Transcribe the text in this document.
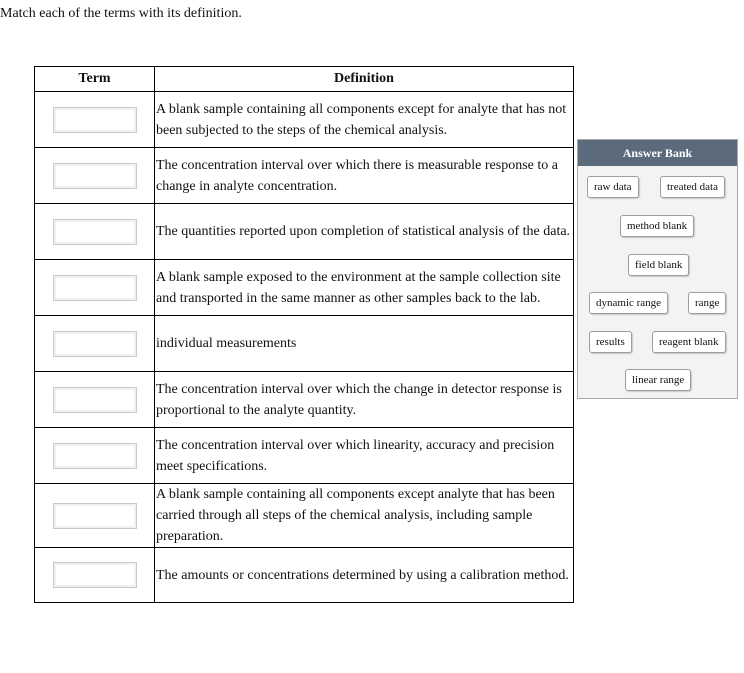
Match each of the terms with its definition.
Term	Definition

	A blank sample containing all components except for analyte that has not been subjected to the steps of the chemical analysis.

	The concentration interval over which there is measurable response to a change in analyte concentration.

	The quantities reported upon completion of statistical analysis of the data.

	A blank sample exposed to the environment at the sample collection site and transported in the same manner as other samples back to the lab.

	individual measurements

	The concentration interval over which the change in detector response is proportional to the analyte quantity.

	The concentration interval over which linearity, accuracy and precision meet specifications.

	A blank sample containing all components except analyte that has been carried through all steps of the chemical analysis, including sample preparation.

	The amounts or concentrations determined by using a calibration method.
Answer Bank
raw data	treated data
method blank
field blank
dynamic range	range
results	reagent blank
linear range
